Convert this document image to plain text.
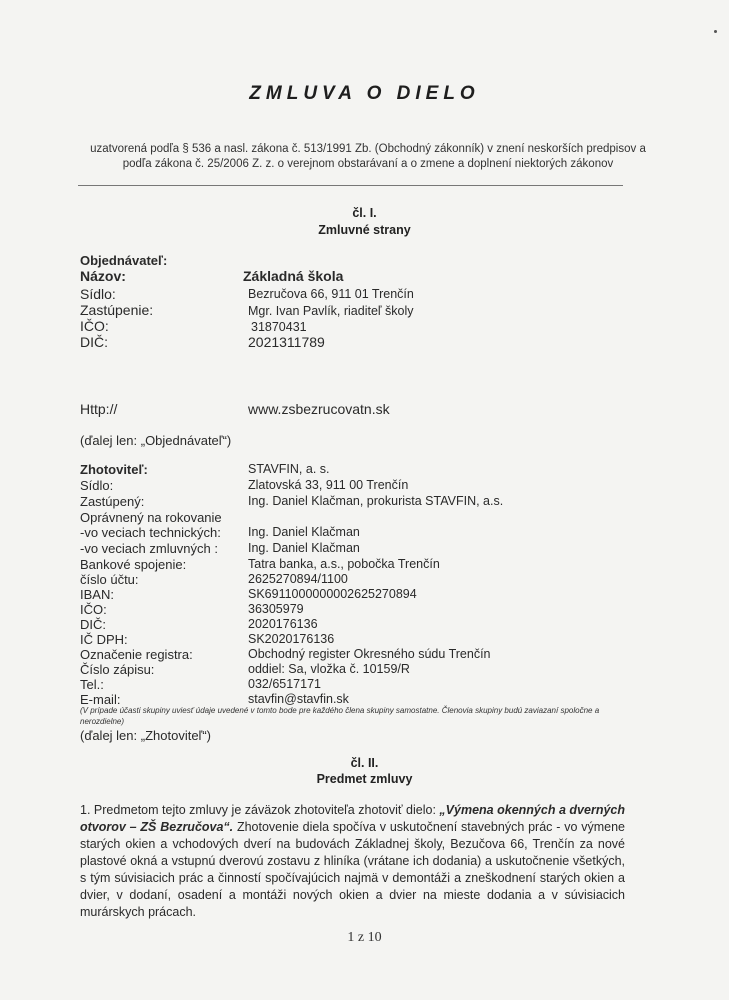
ZMLUVA O DIELO
uzatvorená podľa § 536 a nasl. zákona č. 513/1991 Zb. (Obchodný zákonník) v znení neskorších predpisov a podľa zákona č. 25/2006 Z. z. o verejnom obstarávaní a o zmene a doplnení niektorých zákonov
čl. I.
Zmluvné strany
Objednávateľ:
Názov:	Základná škola
Sídlo:	Bezručova 66, 911 01 Trenčín
Zastúpenie:	Mgr. Ivan Pavlík, riaditeľ školy
IČO:	31870431
DIČ:	2021311789
Http://	www.zsbezrucovatn.sk
(ďalej len: „Objednávateľ“)
Zhotoviteľ:	STAVFIN, a. s.
Sídlo:	Zlatovská 33, 911 00 Trenčín
Zastúpený:	Ing. Daniel Klačman, prokurista STAVFIN, a.s.
Oprávnený na rokovanie
-vo veciach technických: Ing. Daniel Klačman
-vo veciach zmluvných : Ing. Daniel Klačman
Bankové spojenie:	Tatra banka, a.s., pobočka Trenčín
číslo účtu:	2625270894/1100
IBAN:	SK6911000000002625270894
IČO:	36305979
DIČ:	2020176136
IČ DPH:	SK2020176136
Označenie registra:	Obchodný register Okresného súdu Trenčín
Číslo zápisu:	oddiel: Sa, vložka č. 10159/R
Tel.:	032/6517171
E-mail:	stavfin@stavfin.sk
(V prípade účasti skupiny uviesť údaje uvedené v tomto bode pre každého člena skupiny samostatne. Členovia skupiny budú zaviazaní spoločne a nerozdielne)
(ďalej len: „Zhotoviteľ“)
čl. II.
Predmet zmluvy
1. Predmetom tejto zmluvy je záväzok zhotoviteľa zhotoviť dielo: „Výmena okenných a dverných otvorov – ZŠ Bezručova“. Zhotovenie diela spočíva v uskutočnení stavebných prác - vo výmene starých okien a vchodových dverí na budovách Základnej školy, Bezučova 66, Trenčín za nové plastové okná a vstupnú dverovú zostavu z hliníka (vrátane ich dodania) a uskutočnenie všetkých, s tým súvisiacich prác a činností spočívajúcich najmä v demontáži a zneškodnení starých okien a dvier, v dodaní, osadení a montáži nových okien a dvier na mieste dodania a v súvisiacich murárskych prácach.
1 z 10
